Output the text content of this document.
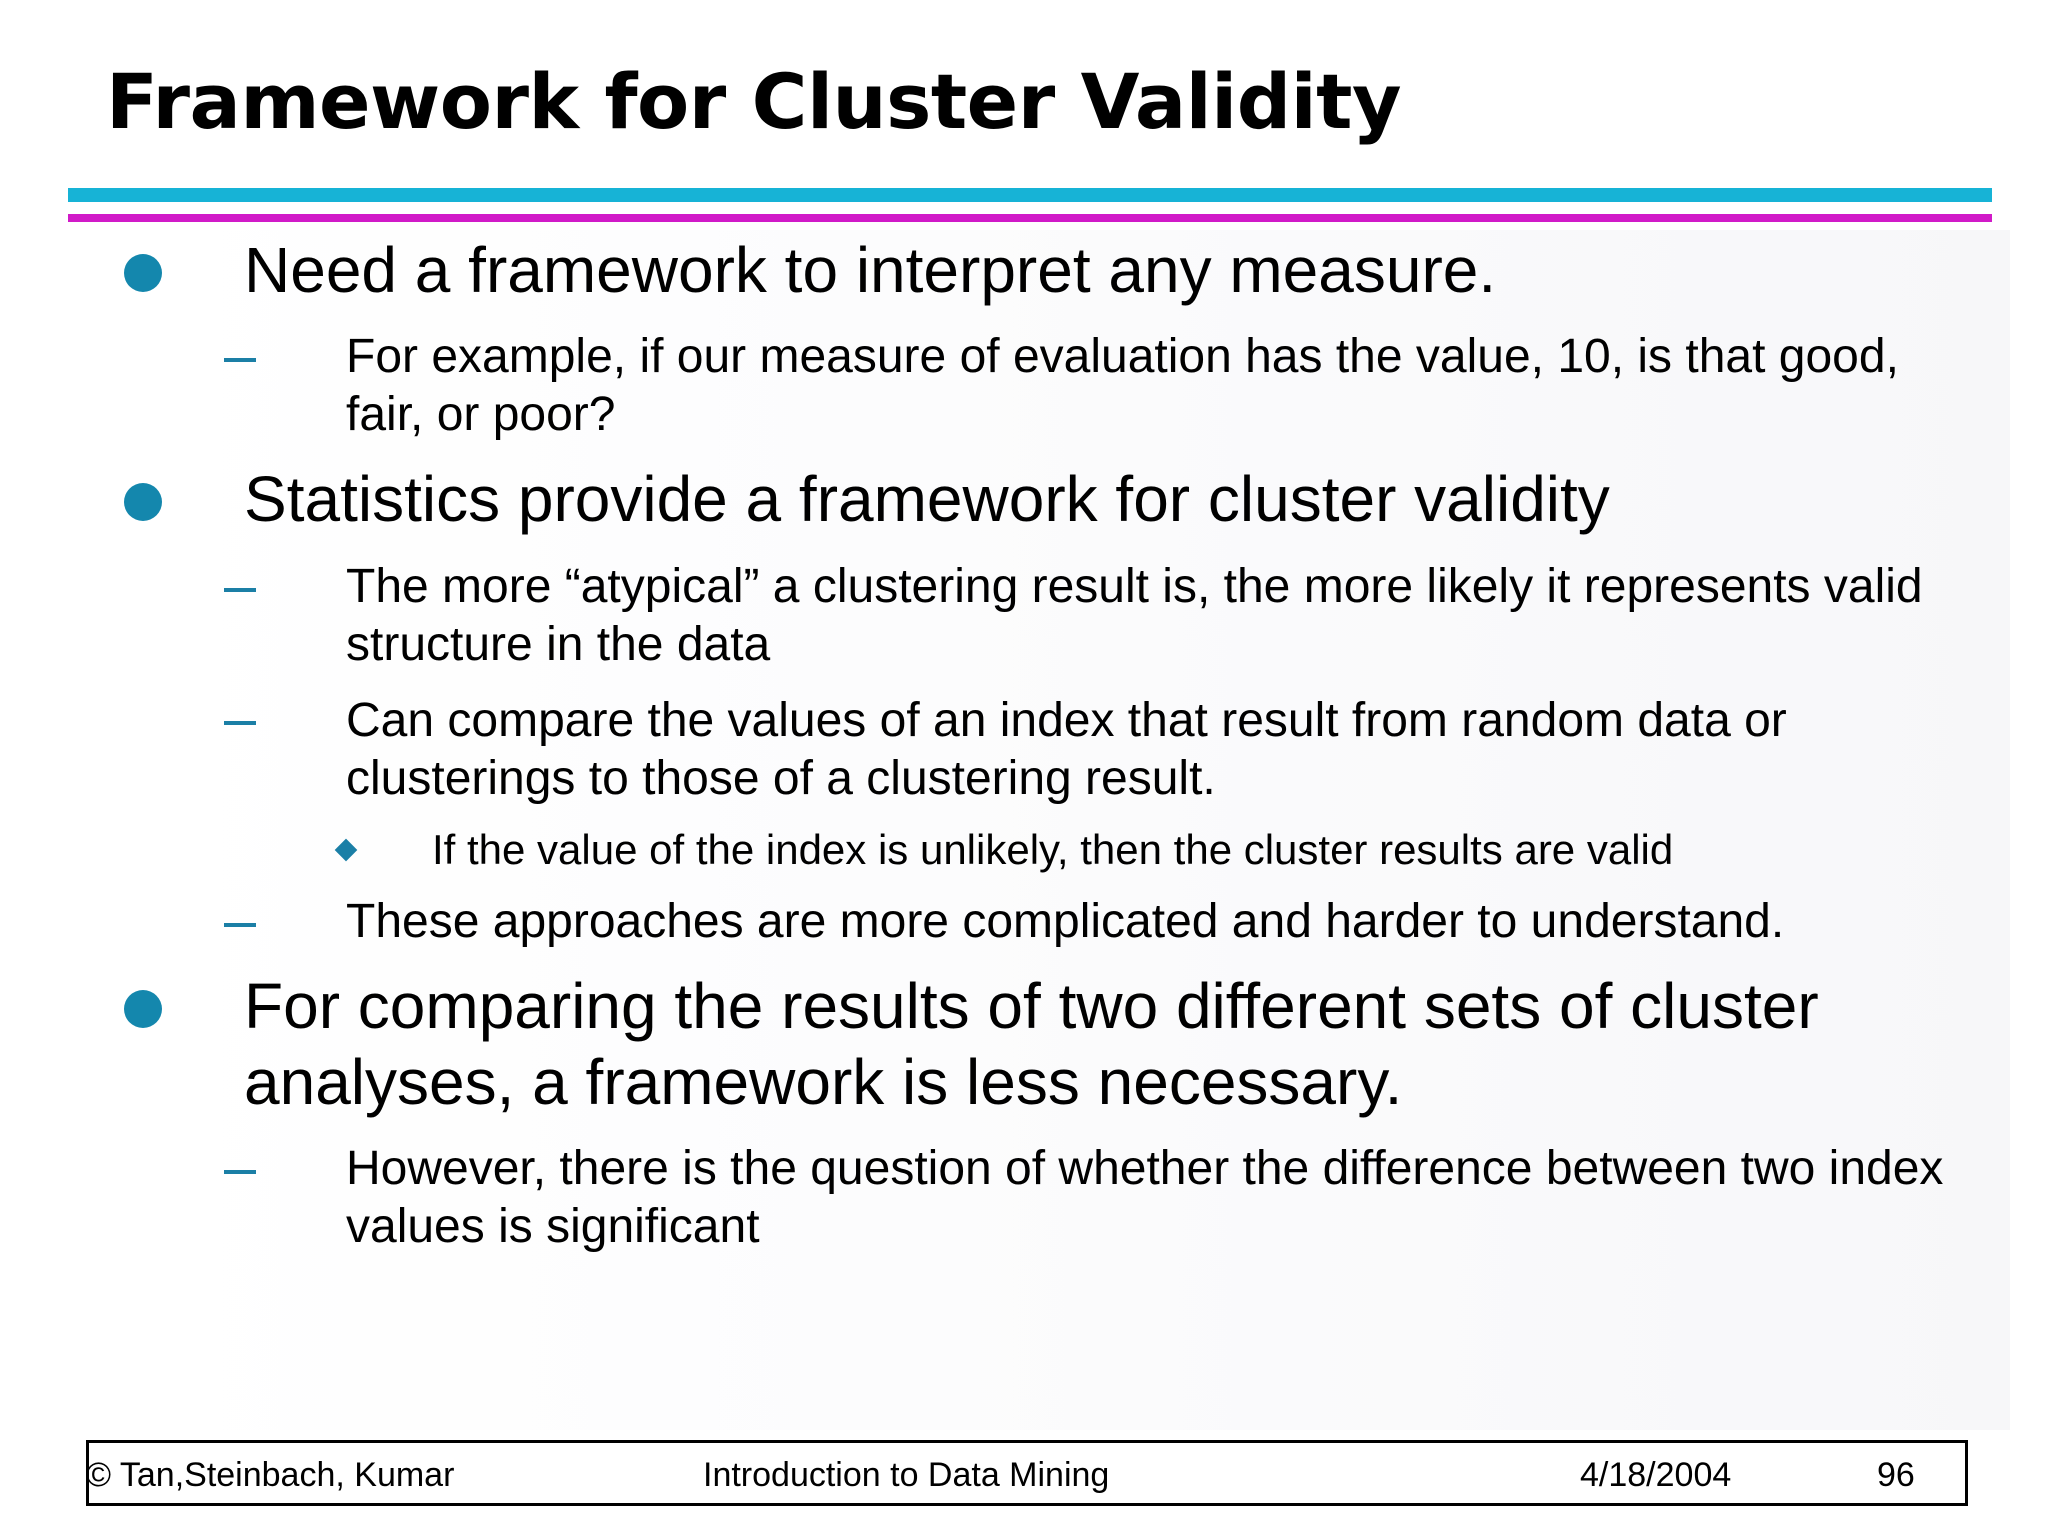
Framework for Cluster Validity
Need a framework to interpret any measure.
For example, if our measure of evaluation has the value, 10, is that good, fair, or poor?
Statistics provide a framework for cluster validity
The more “atypical” a clustering result is, the more likely it represents valid structure in the data
Can compare the values of an index that result from random data or clusterings to those of a clustering result.
If the value of the index is unlikely, then the cluster results are valid
These approaches are more complicated and harder to understand.
For comparing the results of two different sets of cluster analyses, a framework is less necessary.
However, there is the question of whether the difference between two index values is significant
© Tan,Steinbach, Kumar	Introduction to Data Mining	4/18/2004	96
